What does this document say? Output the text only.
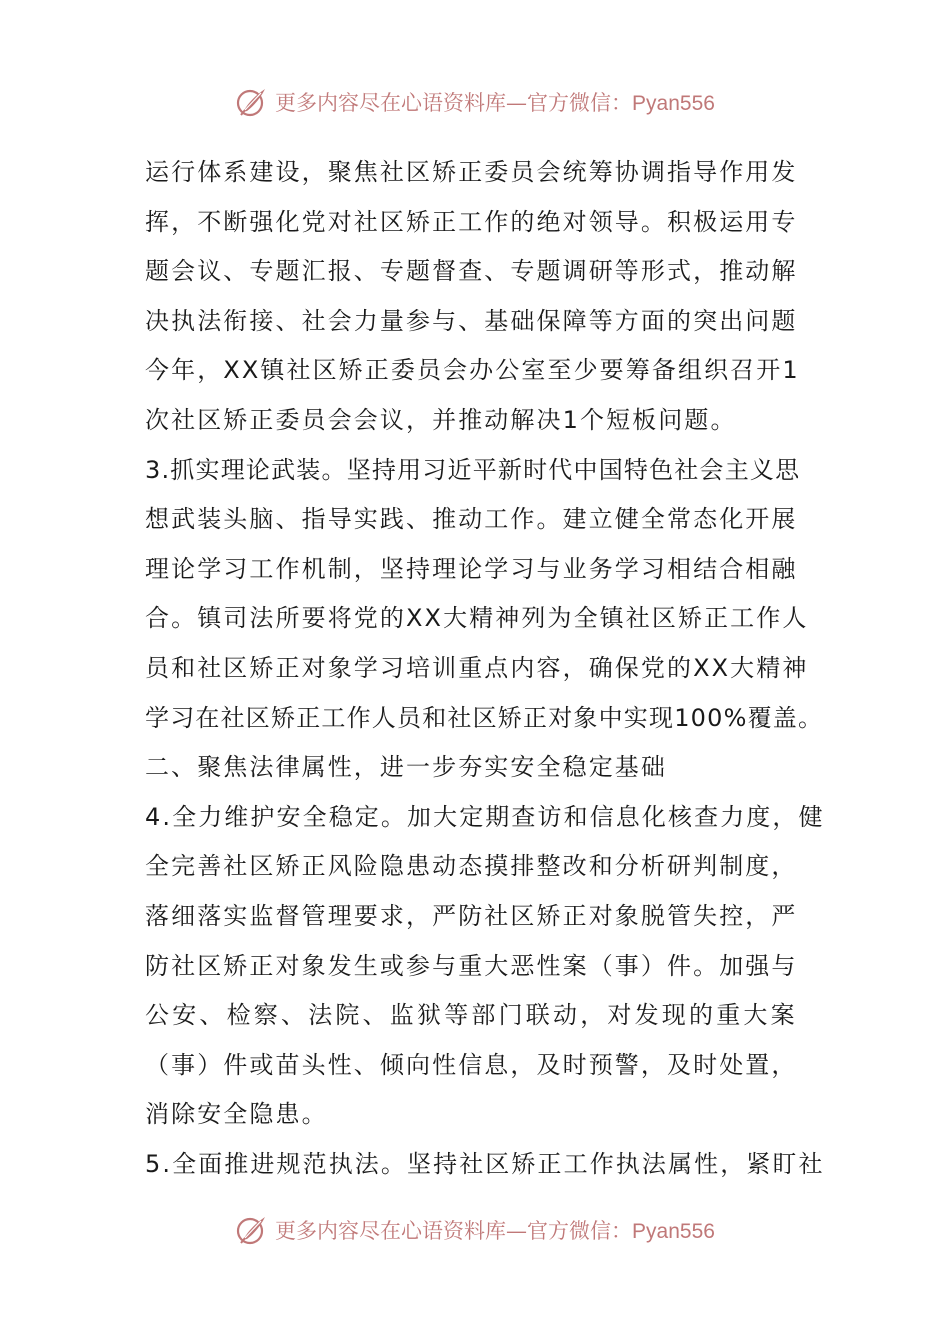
更多内容尽在心语资料库—官方微信：Pyan556
运行体系建设，聚焦社区矫正委员会统筹协调指导作用发
挥，不断强化党对社区矫正工作的绝对领导。积极运用专
题会议、专题汇报、专题督查、专题调研等形式，推动解
决执法衔接、社会力量参与、基础保障等方面的突出问题
今年，XX镇社区矫正委员会办公室至少要筹备组织召开1
次社区矫正委员会会议，并推动解决1个短板问题。
3.抓实理论武装。坚持用习近平新时代中国特色社会主义思
想武装头脑、指导实践、推动工作。建立健全常态化开展
理论学习工作机制，坚持理论学习与业务学习相结合相融
合。镇司法所要将党的XX大精神列为全镇社区矫正工作人
员和社区矫正对象学习培训重点内容，确保党的XX大精神
学习在社区矫正工作人员和社区矫正对象中实现100%覆盖。
二、聚焦法律属性，进一步夯实安全稳定基础
4.全力维护安全稳定。加大定期查访和信息化核查力度，健
全完善社区矫正风险隐患动态摸排整改和分析研判制度，
落细落实监督管理要求，严防社区矫正对象脱管失控，严
防社区矫正对象发生或参与重大恶性案（事）件。加强与
公安、检察、法院、监狱等部门联动，对发现的重大案
（事）件或苗头性、倾向性信息，及时预警，及时处置，
消除安全隐患。
5.全面推进规范执法。坚持社区矫正工作执法属性，紧盯社
更多内容尽在心语资料库—官方微信：Pyan556
